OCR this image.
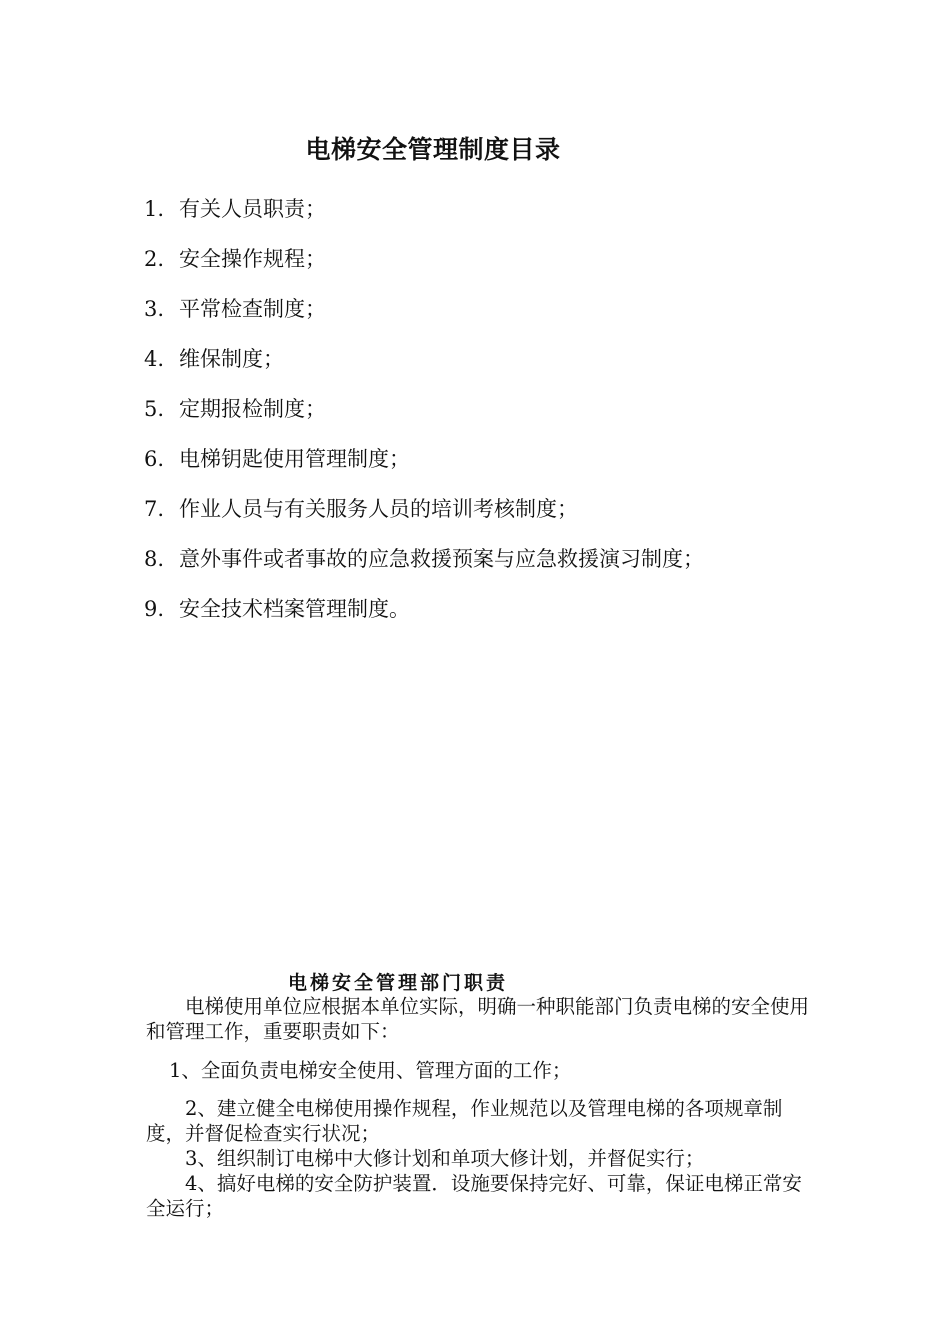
电梯安全管理制度目录
1. 有关人员职责；
2. 安全操作规程；
3. 平常检查制度；
4. 维保制度；
5. 定期报检制度；
6. 电梯钥匙使用管理制度；
7. 作业人员与有关服务人员的培训考核制度；
8. 意外事件或者事故的应急救援预案与应急救援演习制度；
9. 安全技术档案管理制度。
电梯安全管理部门职责

电梯使用单位应根据本单位实际，明确一种职能部门负责电梯的安全使用和管理工作，重要职责如下：

1、全面负责电梯安全使用、管理方面的工作；

2、建立健全电梯使用操作规程，作业规范以及管理电梯的各项规章制度，并督促检查实行状况；

3、组织制订电梯中大修计划和单项大修计划，并督促实行；

4、搞好电梯的安全防护装置．设施要保持完好、可靠，保证电梯正常安全运行；
